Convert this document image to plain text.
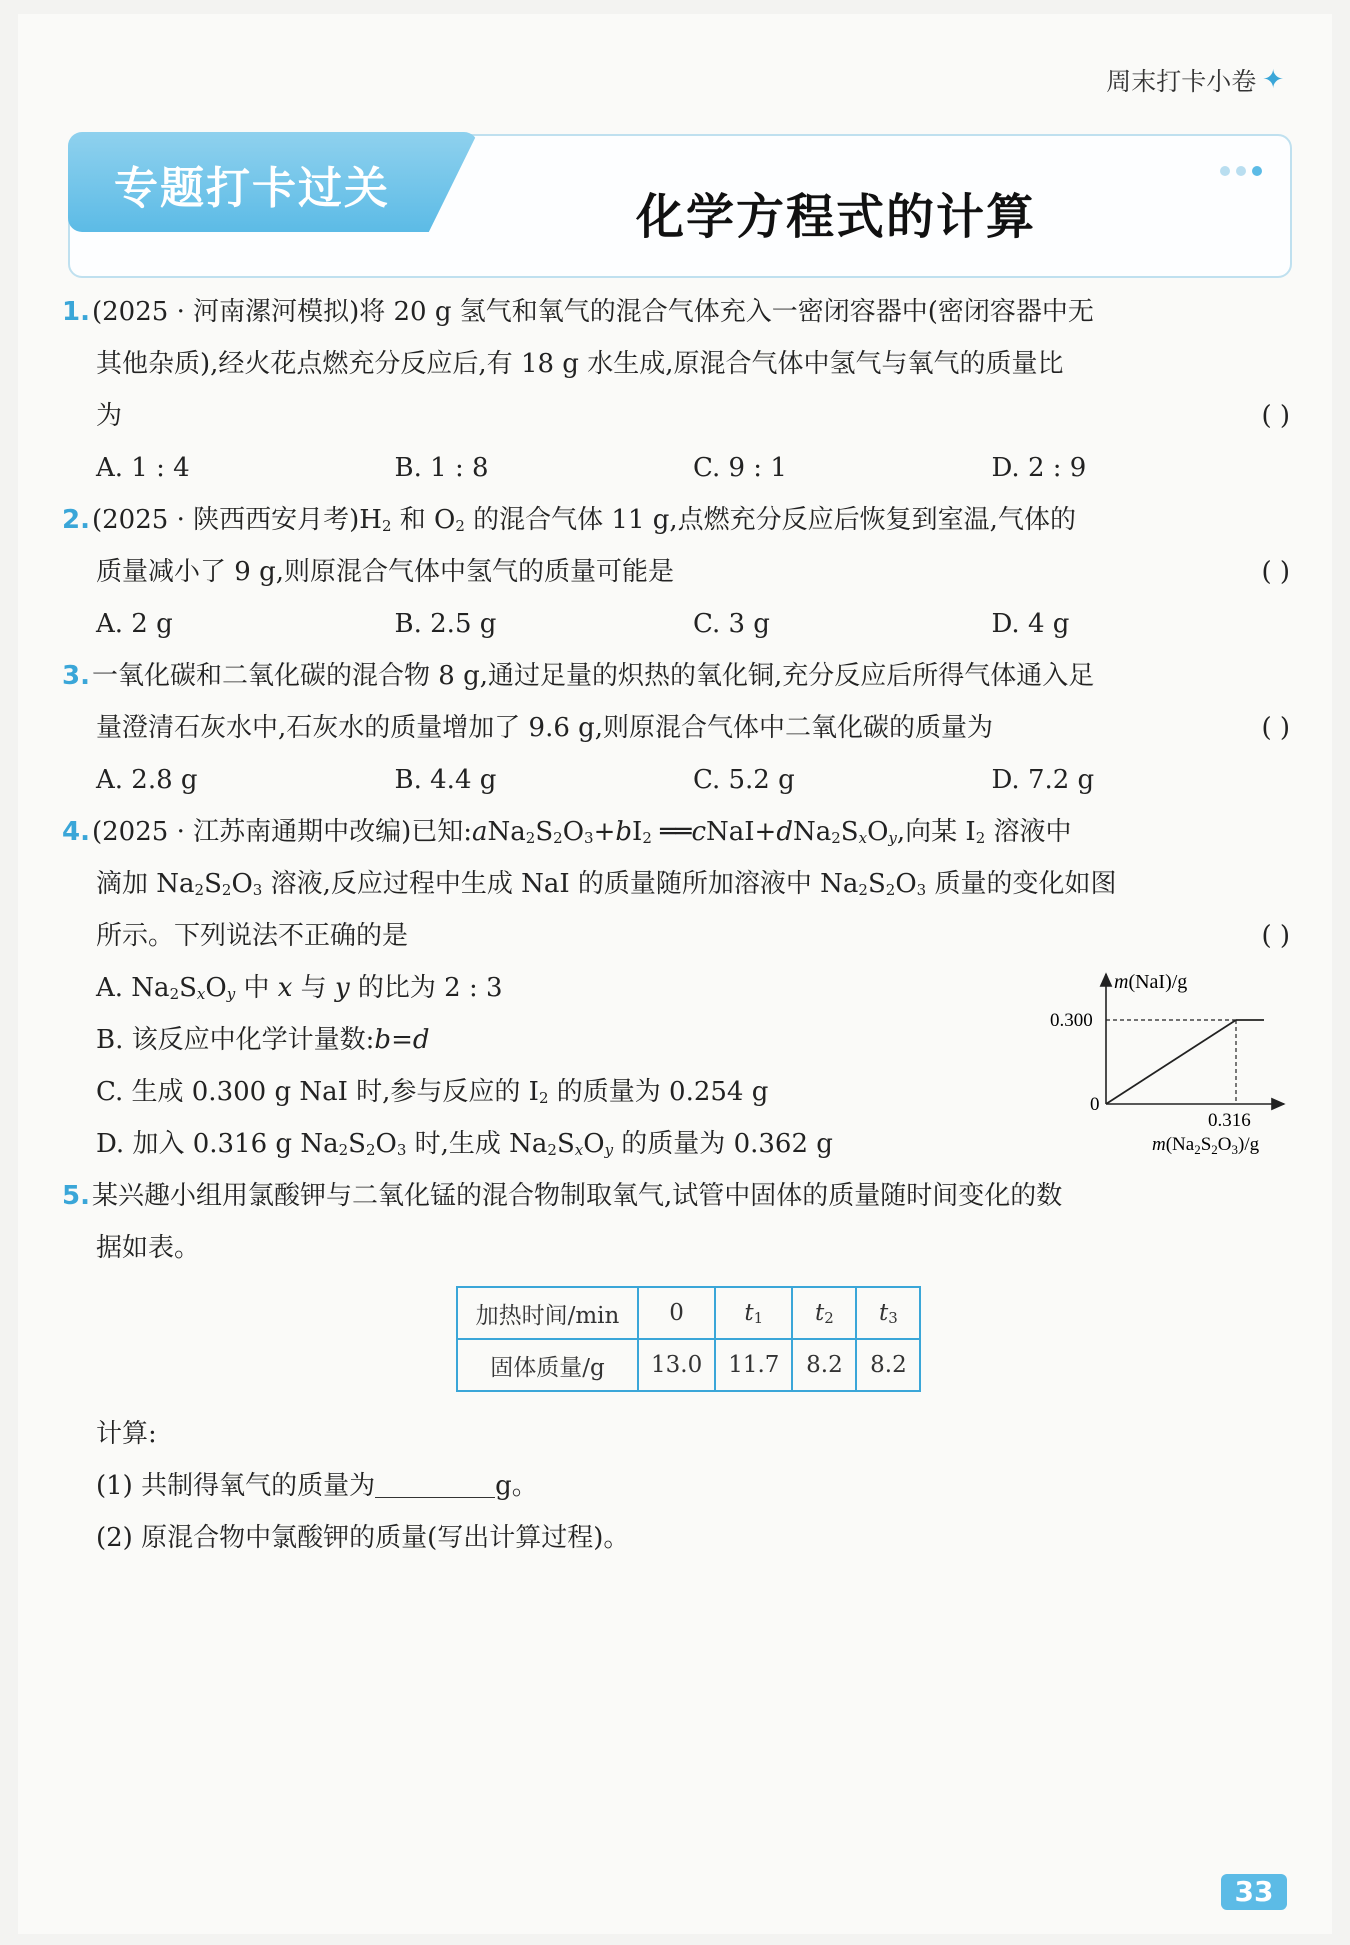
周末打卡小卷 ✦
专题打卡过关
化学方程式的计算
1.(2025 · 河南漯河模拟)将 20 g 氢气和氧气的混合气体充入一密闭容器中(密闭容器中无
其他杂质),经火花点燃充分反应后,有 18 g 水生成,原混合气体中氢气与氧气的质量比
为	( )
A. 1 : 4	B. 1 : 8	C. 9 : 1	D. 2 : 9
2.(2025 · 陕西西安月考)$H_2$ 和 $O_2$ 的混合气体 11 g,点燃充分反应后恢复到室温,气体的
质量减小了 9 g,则原混合气体中氢气的质量可能是	( )
A. 2 g	B. 2.5 g	C. 3 g	D. 4 g
3.一氧化碳和二氧化碳的混合物 8 g,通过足量的炽热的氧化铜,充分反应后所得气体通入足
量澄清石灰水中,石灰水的质量增加了 9.6 g,则原混合气体中二氧化碳的质量为	( )
A. 2.8 g	B. 4.4 g	C. 5.2 g	D. 7.2 g
4.(2025 · 江苏南通期中改编)已知$:aNa_2S_2O_3+bI_2$ $══cNaI+dNa_2S_xO_y$,向某 $I_2$ 溶液中
滴加 $Na_2S_2O_3$ 溶液,反应过程中生成 NaI 的质量随所加溶液中 $Na_2S_2O_3$ 质量的变化如图
所示。下列说法不正确的是	( )
A. $Na_2S_xO_y$ 中 x 与 y 的比为 2 : 3
B. 该反应中化学计量数:b=d
C. 生成 0.300 g NaI 时,参与反应的 $I_2$ 的质量为 0.254 g
D. 加入 0.316 g $Na_2S_2O_3$ 时,生成 $Na_2S_xO_y$ 的质量为 0.362 g
5.某兴趣小组用氯酸钾与二氧化锰的混合物制取氧气,试管中固体的质量随时间变化的数
据如表。
m(NaI)/g
0.300
0
0.316
$m(Na_2S_2O_3)/g$
加热时间/min	0	$t_1$	$t_2$	$t_3$
固体质量/g	13.0	11.7	8.2	8.2
计算:
(1) 共制得氧气的质量为	g。
(2) 原混合物中氯酸钾的质量(写出计算过程)。
33
